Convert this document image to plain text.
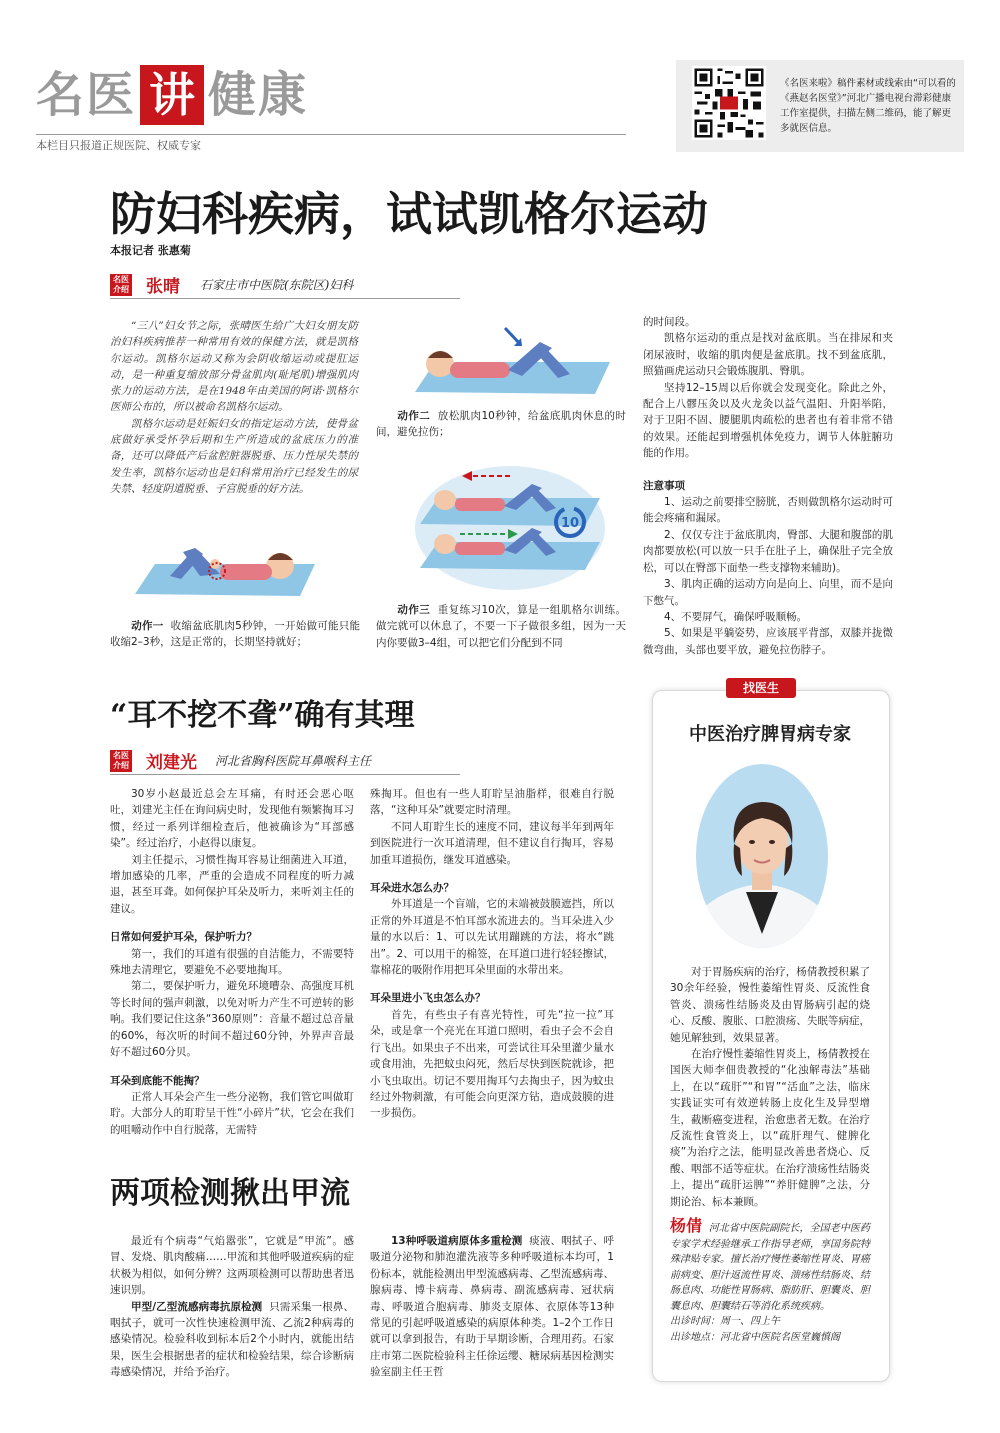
名医 讲 健康
本栏目只报道正规医院、权威专家
《名医来啦》稿件素材或线索由“可以看的《燕赵名医堂》”河北广播电视台滞彩健康工作室提供，扫描左侧二维码，能了解更多就医信息。
防妇科疾病，试试凯格尔运动
本报记者 张惠菊
名医介绍 张晴 石家庄市中医院(东院区)妇科

“三八”妇女节之际，张晴医生给广大妇女朋友防治妇科疾病推荐一种常用有效的保健方法，就是凯格尔运动。凯格尔运动又称为会阴收缩运动或提肛运动，是一种重复缩放部分骨盆肌肉(耻尾肌)增强肌肉张力的运动方法，是在1948年由美国的阿诺·凯格尔医师公布的，所以被命名凯格尔运动。

凯格尔运动是妊娠妇女的指定运动方法，使骨盆底做好承受怀孕后期和生产所造成的盆底压力的准备，还可以降低产后盆腔脏器脱垂、压力性尿失禁的发生率，凯格尔运动也是妇科常用治疗已经发生的尿失禁、轻度阴道脱垂、子宫脱垂的好方法。

动作一 收缩盆底肌肉5秒钟，一开始做可能只能收缩2–3秒，这是正常的，长期坚持就好；
动作二 放松肌肉10秒钟，给盆底肌肉休息的时间，避免拉伤；
10
动作三 重复练习10次，算是一组肌格尔训练。做完就可以休息了，不要一下子做很多组，因为一天内你要做3–4组，可以把它们分配到不同

的时间段。

凯格尔运动的重点是找对盆底肌。当在排尿和夹闭尿液时，收缩的肌肉便是盆底肌。找不到盆底肌，照猫画虎运动只会锻炼腹肌、臀肌。

坚持12–15周以后你就会发现变化。除此之外，配合上八髎压灸以及火龙灸以益气温阳、升阳举陷，对于卫阳不固、腰腿肌肉疏松的患者也有着非常不错的效果。还能起到增强机体免疫力，调节人体脏腑功能的作用。

注意事项

1、运动之前要排空膀胱，否则做凯格尔运动时可能会疼痛和漏尿。

2、仅仅专注于盆底肌肉，臀部、大腿和腹部的肌肉都要放松(可以放一只手在肚子上，确保肚子完全放松，可以在臀部下面垫一些支撑物来辅助)。

3、肌肉正确的运动方向是向上、向里，而不是向下憋气。

4、不要屏气，确保呼吸顺畅。

5、如果是平躺姿势，应该展平背部，双膝并拢微微弯曲，头部也要平放，避免拉伤脖子。

“耳不挖不聋”确有其理
名医介绍 刘建光 河北省胸科医院耳鼻喉科主任

30岁小赵最近总会左耳痛，有时还会恶心呕吐，刘建光主任在询问病史时，发现他有频繁掏耳习惯，经过一系列详细检查后，他被确诊为“耳部感染”。经过治疗，小赵得以康复。

刘主任提示，习惯性掏耳容易让细菌进入耳道，增加感染的几率，严重的会造成不同程度的听力减退，甚至耳聋。如何保护耳朵及听力，来听刘主任的建议。

日常如何爱护耳朵，保护听力？

第一，我们的耳道有很强的自洁能力，不需要特殊地去清理它，要避免不必要地掏耳。

第二，要保护听力，避免环境嘈杂、高强度耳机等长时间的强声刺激，以免对听力产生不可逆转的影响。我们要记住这条“360原则”：音量不超过总音量的60%，每次听的时间不超过60分钟，外界声音最好不超过60分贝。

耳朵到底能不能掏？

正常人耳朵会产生一些分泌物，我们管它叫做耵聍。大部分人的耵聍呈干性“小碎片”状，它会在我们的咀嚼动作中自行脱落，无需特

殊掏耳。但也有一些人耵聍呈油脂样，很难自行脱落，“这种耳朵”就要定时清理。

不同人耵聍生长的速度不同，建议每半年到两年到医院进行一次耳道清理，但不建议自行掏耳，容易加重耳道损伤，继发耳道感染。

耳朵进水怎么办？

外耳道是一个盲端，它的末端被鼓膜遮挡，所以正常的外耳道是不怕耳部水流进去的。当耳朵进入少量的水以后：1、可以先试用蹦跳的方法，将水“跳出”。2、可以用干的棉签，在耳道口进行轻轻擦试，靠棉花的吸附作用把耳朵里面的水带出来。

耳朵里进小飞虫怎么办？

首先，有些虫子有喜光特性，可先“拉一拉”耳朵，或是拿一个亮光在耳道口照明，看虫子会不会自行飞出。如果虫子不出来，可尝试往耳朵里灌少量水或食用油，先把蚊虫闷死，然后尽快到医院就诊，把小飞虫取出。切记不要用掏耳勺去掏虫子，因为蚊虫经过外物刺激，有可能会向更深方钻，造成鼓膜的进一步损伤。

两项检测揪出甲流

最近有个病毒“气焰嚣张”，它就是“甲流”。感冒、发烧、肌肉酸痛……甲流和其他呼吸道疾病的症状极为相似，如何分辨？这两项检测可以帮助患者迅速识别。

甲型/乙型流感病毒抗原检测 只需采集一根鼻、咽拭子，就可一次性快速检测甲流、乙流2种病毒的感染情况。检验科收到标本后2个小时内，就能出结果，医生会根据患者的症状和检验结果，综合诊断病毒感染情况，并给予治疗。

13种呼吸道病原体多重检测 痰液、咽拭子、呼吸道分泌物和肺泡灌洗液等多种呼吸道标本均可，1份标本，就能检测出甲型流感病毒、乙型流感病毒、腺病毒、博卡病毒、鼻病毒、副流感病毒、冠状病毒、呼吸道合胞病毒、肺炎支原体、衣原体等13种常见的引起呼吸道感染的病原体种类。1–2个工作日就可以拿到报告，有助于早期诊断，合理用药。石家庄市第二医院检验科主任徐运缨、糖尿病基因检测实验室副主任王哲

找医生
中医治疗脾胃病专家

对于胃肠疾病的治疗，杨倩教授积累了30余年经验，慢性萎缩性胃炎、反流性食管炎、溃疡性结肠炎及由胃肠病引起的烧心、反酸、腹胀、口腔溃疡、失眠等病症，她见解独到，效果显著。

在治疗慢性萎缩性胃炎上，杨倩教授在国医大师李佃贵教授的“化浊解毒法”基础上，在以“疏肝”“和胃”“活血”之法，临床实践证实可有效逆转肠上皮化生及异型增生，截断癌变进程，治愈患者无数。在治疗反流性食管炎上，以“疏肝理气、健脾化痰”为治疗之法，能明显改善患者烧心、反酸、咽部不适等症状。在治疗溃疡性结肠炎上，提出“疏肝运脾”“养肝健脾”之法，分期论治、标本兼顾。

杨倩 河北省中医院副院长，全国老中医药专家学术经验继承工作指导老师，享国务院特殊津贴专家。擅长治疗慢性萎缩性胃炎、胃癌前病变、胆汁返流性胃炎、溃疡性结肠炎、结肠息肉、功能性胃肠病、脂肪肝、胆囊炎、胆囊息肉、胆囊结石等消化系统疾病。
出诊时间：周一、四上午
出诊地点：河北省中医院名医堂巍慎阁
